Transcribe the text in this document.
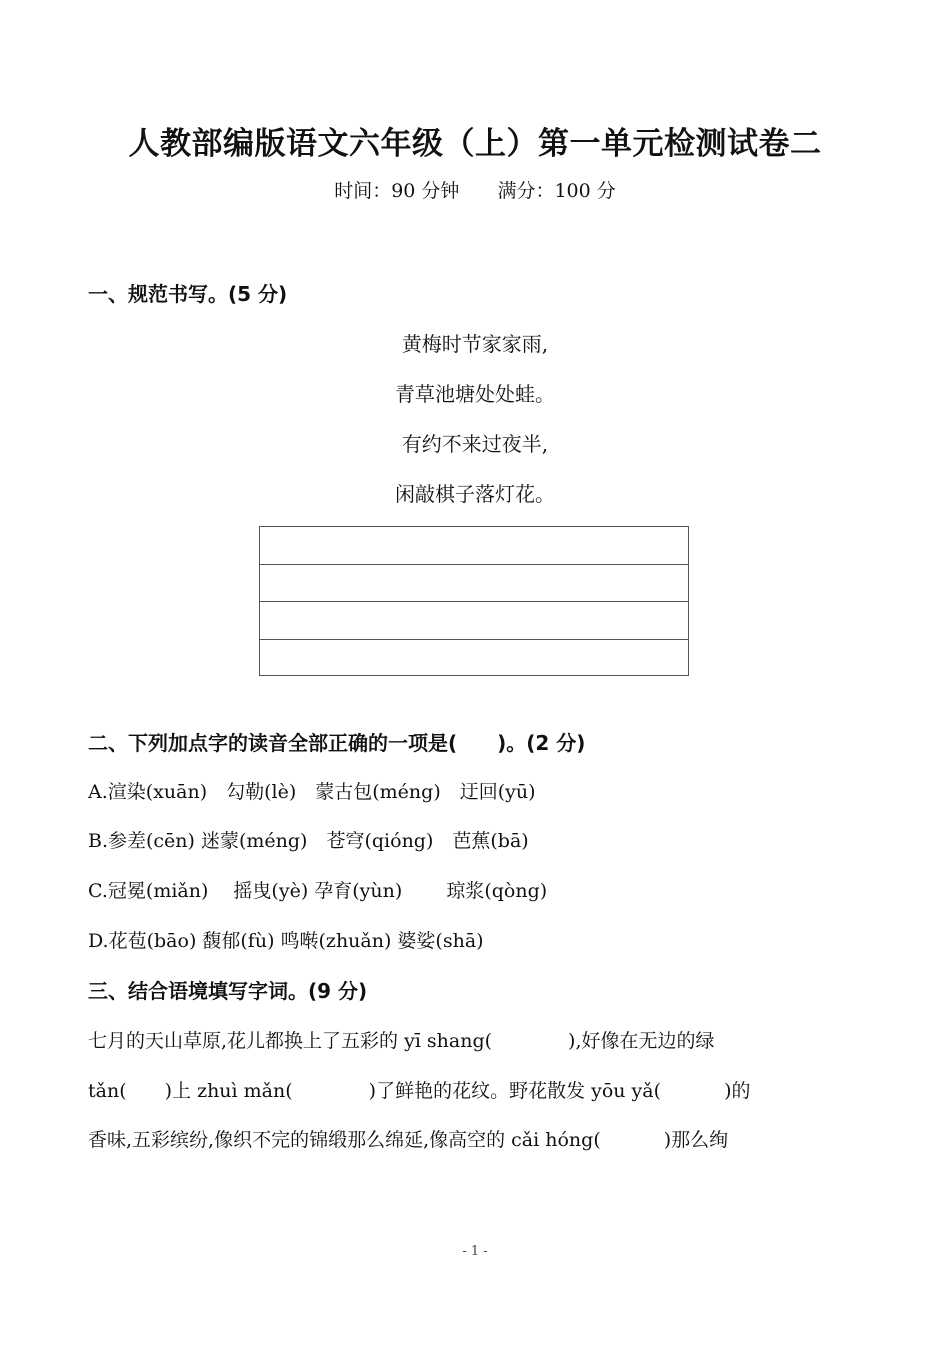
人教部编版语文六年级（上）第一单元检测试卷二
时间：90 分钟 满分：100 分
一、规范书写。(5 分)
黄梅时节家家雨,
青草池塘处处蛙。
有约不来过夜半,
闲敲棋子落灯花。
二、下列加点字的读音全部正确的一项是(　　)。(2 分)
A.渲染(xuān)　勾勒(lè)　蒙古包(méng)　迂回(yū)
B.参差(cēn) 迷蒙(méng)　苍穹(qióng)　芭蕉(bā)
C.冠冕(miǎn)　 摇曳(yè) 孕育(yùn)　　 琼浆(qòng)
D.花苞(bāo) 馥郁(fù) 鸣啭(zhuǎn) 婆娑(shā)
三、结合语境填写字词。(9 分)
七月的天山草原,花儿都换上了五彩的 yī shang(　　　　),好像在无边的绿
tǎn(　　)上 zhuì mǎn(　　　　)了鲜艳的花纹。野花散发 yōu yǎ(　　　 )的
香味,五彩缤纷,像织不完的锦缎那么绵延,像高空的 cǎi hóng(　　　 )那么绚
- 1 -
